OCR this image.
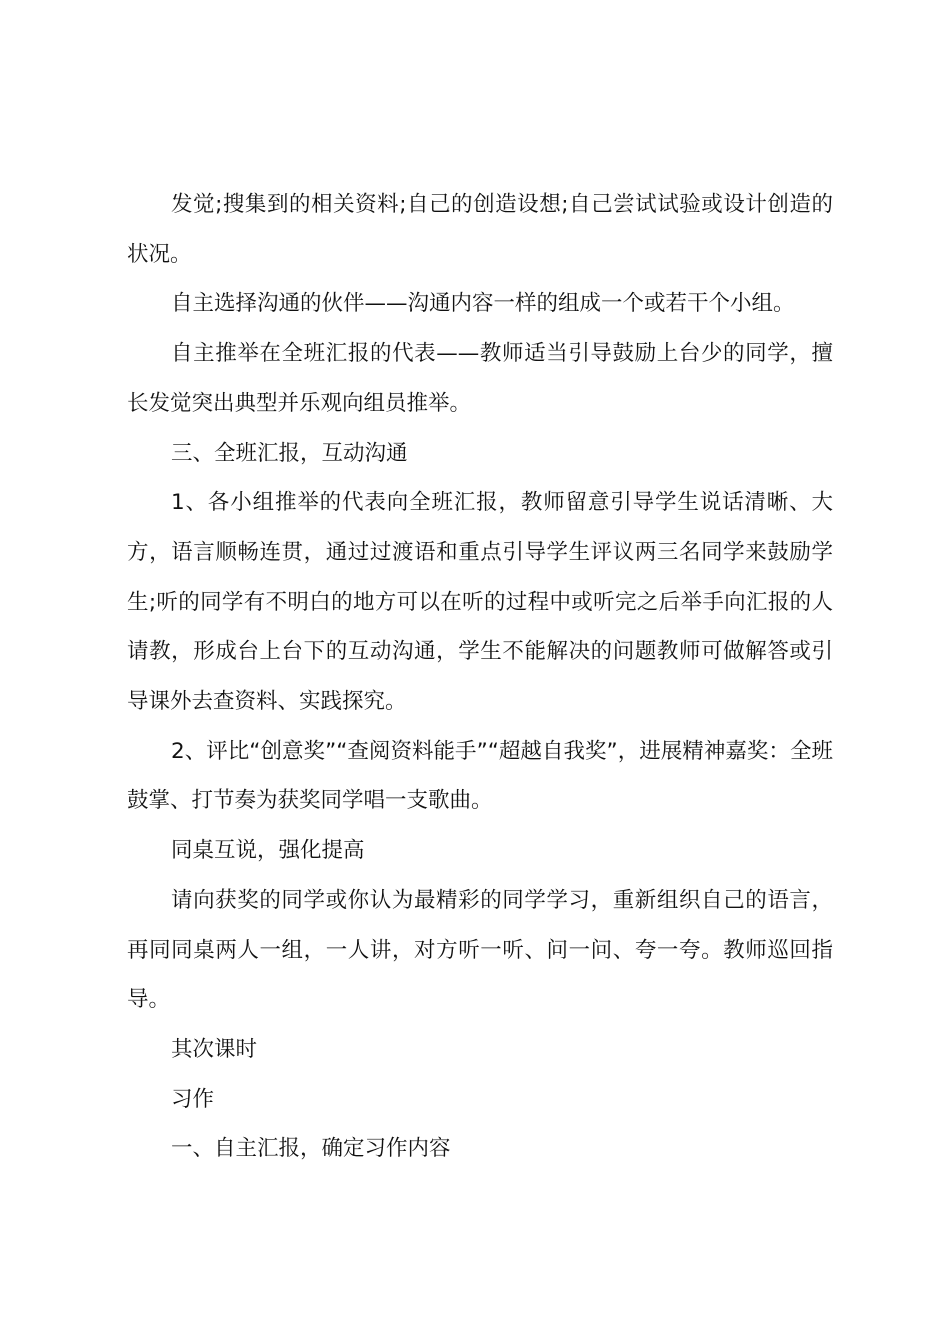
发觉;搜集到的相关资料;自己的创造设想;自己尝试试验或设计创造的状况。

自主选择沟通的伙伴——沟通内容一样的组成一个或若干个小组。

自主推举在全班汇报的代表——教师适当引导鼓励上台少的同学，擅长发觉突出典型并乐观向组员推举。

三、全班汇报，互动沟通

1、各小组推举的代表向全班汇报，教师留意引导学生说话清晰、大方，语言顺畅连贯，通过过渡语和重点引导学生评议两三名同学来鼓励学生;听的同学有不明白的地方可以在听的过程中或听完之后举手向汇报的人请教，形成台上台下的互动沟通，学生不能解决的问题教师可做解答或引导课外去查资料、实践探究。

2、评比“创意奖”“查阅资料能手”“超越自我奖”，进展精神嘉奖：全班鼓掌、打节奏为获奖同学唱一支歌曲。

同桌互说，强化提高

请向获奖的同学或你认为最精彩的同学学习，重新组织自己的语言，再同同桌两人一组，一人讲，对方听一听、问一问、夸一夸。教师巡回指导。

其次课时

习作

一、自主汇报，确定习作内容
